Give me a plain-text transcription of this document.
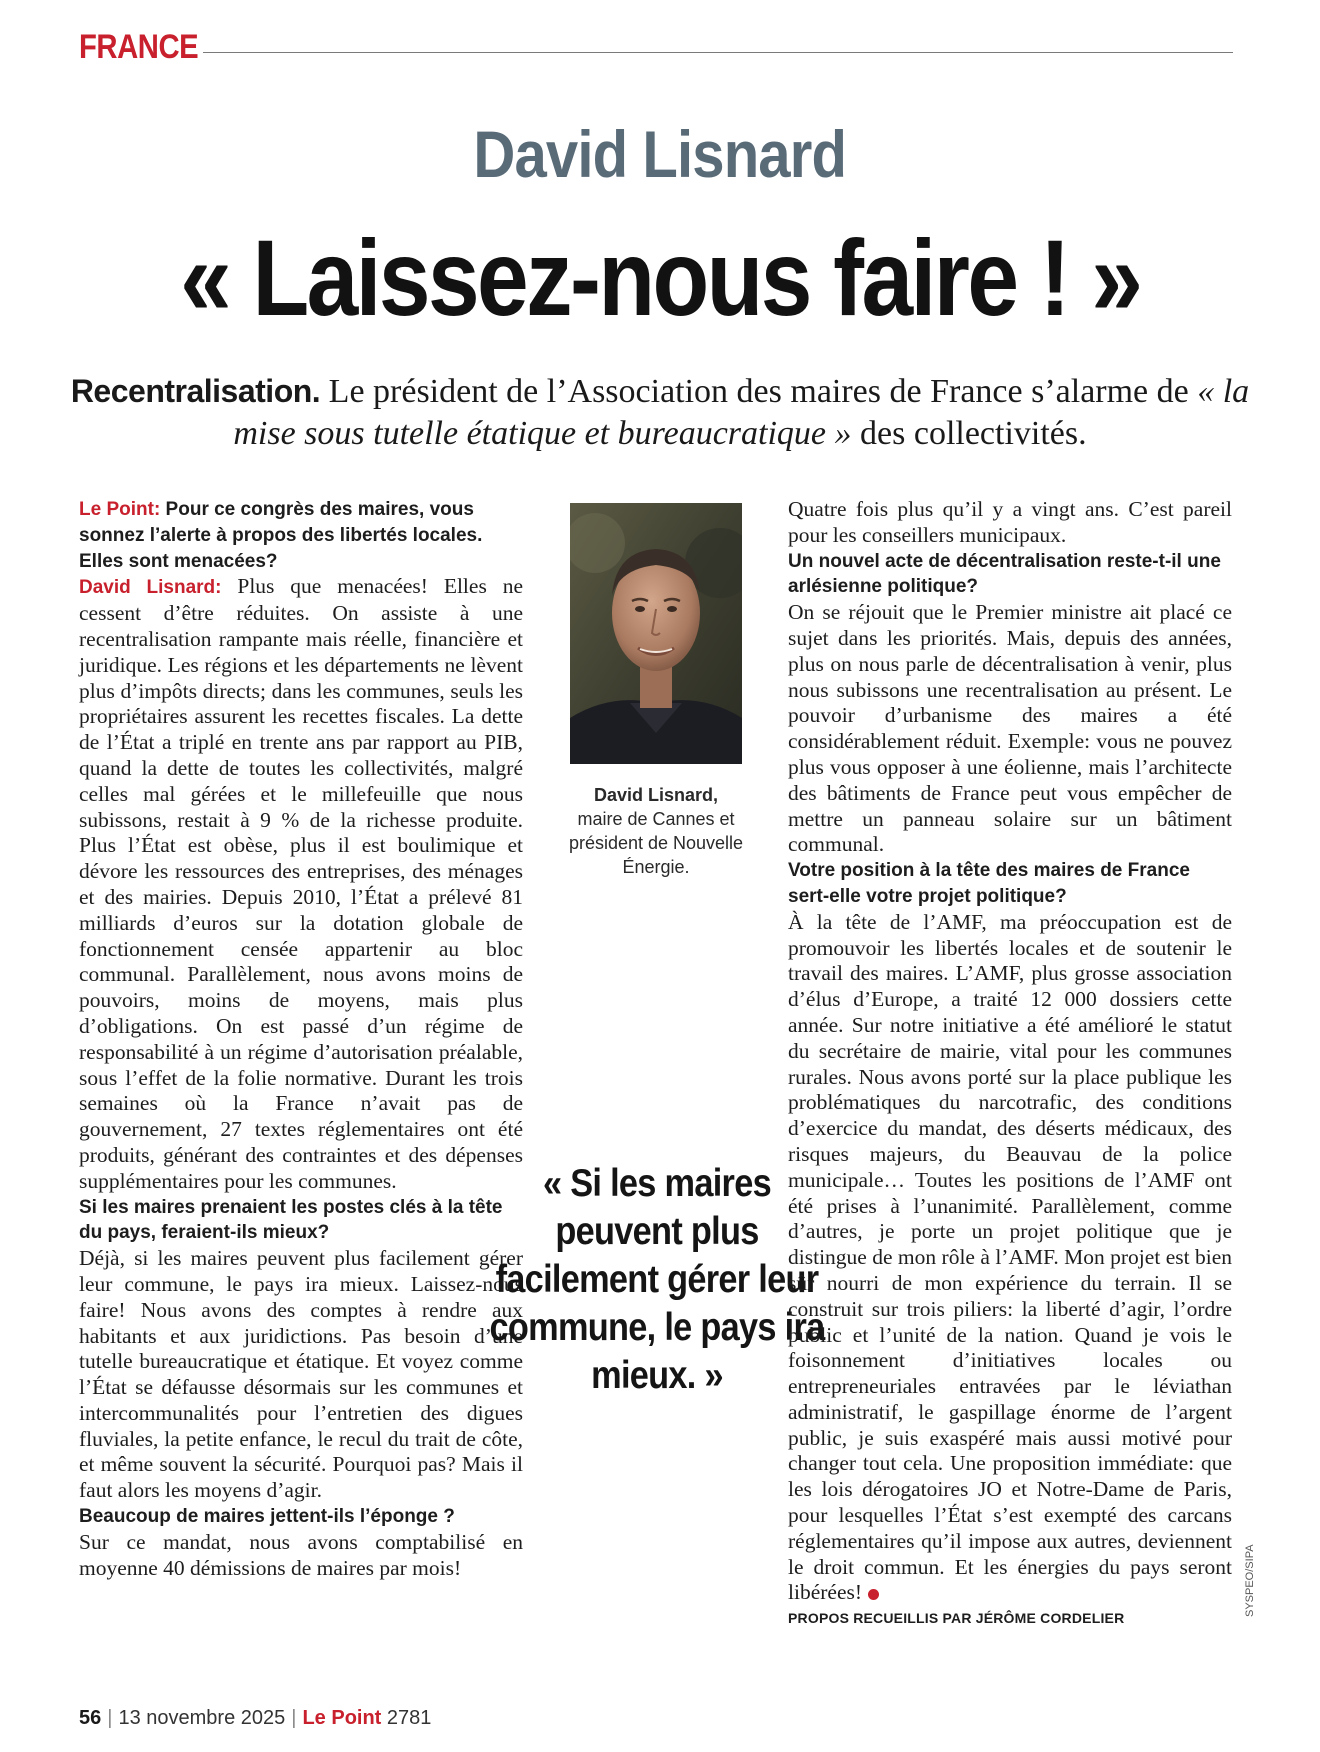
FRANCE
David Lisnard
« Laissez-nous faire ! »
Recentralisation. Le président de l’Association des maires de France s’alarme de « la mise sous tutelle étatique et bureaucratique » des collectivités.

Le Point: Pour ce congrès des maires, vous sonnez l’alerte à propos des libertés locales. Elles sont menacées?

David Lisnard: Plus que menacées! Elles ne cessent d’être réduites. On assiste à une recentralisation rampante mais réelle, financière et juridique. Les régions et les départements ne lèvent plus d’impôts directs; dans les communes, seuls les propriétaires assurent les recettes fiscales. La dette de l’État a triplé en trente ans par rapport au PIB, quand la dette de toutes les collectivités, malgré celles mal gérées et le millefeuille que nous subissons, restait à 9 % de la richesse produite. Plus l’État est obèse, plus il est boulimique et dévore les ressources des entreprises, des ménages et des mairies. Depuis 2010, l’État a prélevé 81 milliards d’euros sur la dotation globale de fonctionnement censée appartenir au bloc communal. Parallèlement, nous avons moins de pouvoirs, moins de moyens, mais plus d’obligations. On est passé d’un régime de responsabilité à un régime d’autorisation préalable, sous l’effet de la folie normative. Durant les trois semaines où la France n’avait pas de gouvernement, 27 textes réglementaires ont été produits, générant des contraintes et des dépenses supplémentaires pour les communes.

Si les maires prenaient les postes clés à la tête du pays, feraient-ils mieux?

Déjà, si les maires peuvent plus facilement gérer leur commune, le pays ira mieux. Laissez-nous faire! Nous avons des comptes à rendre aux habitants et aux juridictions. Pas besoin d’une tutelle bureaucratique et étatique. Et voyez comme l’État se défausse désormais sur les communes et intercommunalités pour l’entretien des digues fluviales, la petite enfance, le recul du trait de côte, et même souvent la sécurité. Pourquoi pas? Mais il faut alors les moyens d’agir.

Beaucoup de maires jettent-ils l’éponge ?

Sur ce mandat, nous avons comptabilisé en moyenne 40 démissions de maires par mois!

David Lisnard,
maire de Cannes et président de Nouvelle Énergie.
« Si les maires peuvent plus facilement gérer leur commune, le pays ira mieux. »

Quatre fois plus qu’il y a vingt ans. C’est pareil pour les conseillers municipaux.

Un nouvel acte de décentralisation reste-t-il une arlésienne politique?

On se réjouit que le Premier ministre ait placé ce sujet dans les priorités. Mais, depuis des années, plus on nous parle de décentralisation à venir, plus nous subissons une recentralisation au présent. Le pouvoir d’urbanisme des maires a été considérablement réduit. Exemple: vous ne pouvez plus vous opposer à une éolienne, mais l’architecte des bâtiments de France peut vous empêcher de mettre un panneau solaire sur un bâtiment communal.

Votre position à la tête des maires de France sert-elle votre projet politique?

À la tête de l’AMF, ma préoccupation est de promouvoir les libertés locales et de soutenir le travail des maires. L’AMF, plus grosse association d’élus d’Europe, a traité 12 000 dossiers cette année. Sur notre initiative a été amélioré le statut du secrétaire de mairie, vital pour les communes rurales. Nous avons porté sur la place publique les problématiques du narcotrafic, des conditions d’exercice du mandat, des déserts médicaux, des risques majeurs, du Beauvau de la police municipale… Toutes les positions de l’AMF ont été prises à l’unanimité. Parallèlement, comme d’autres, je porte un projet politique que je distingue de mon rôle à l’AMF. Mon projet est bien sûr nourri de mon expérience du terrain. Il se construit sur trois piliers: la liberté d’agir, l’ordre public et l’unité de la nation. Quand je vois le foisonnement d’initiatives locales ou entrepreneuriales entravées par le léviathan administratif, le gaspillage énorme de l’argent public, je suis exaspéré mais aussi motivé pour changer tout cela. Une proposition immédiate: que les lois dérogatoires JO et Notre-Dame de Paris, pour lesquelles l’État s’est exempté des carcans réglementaires qu’il impose aux autres, deviennent le droit commun. Et les énergies du pays seront libérées!

PROPOS RECUEILLIS PAR JÉRÔME CORDELIER

SYSPEO/SIPA
56 | 13 novembre 2025 | Le Point 2781
